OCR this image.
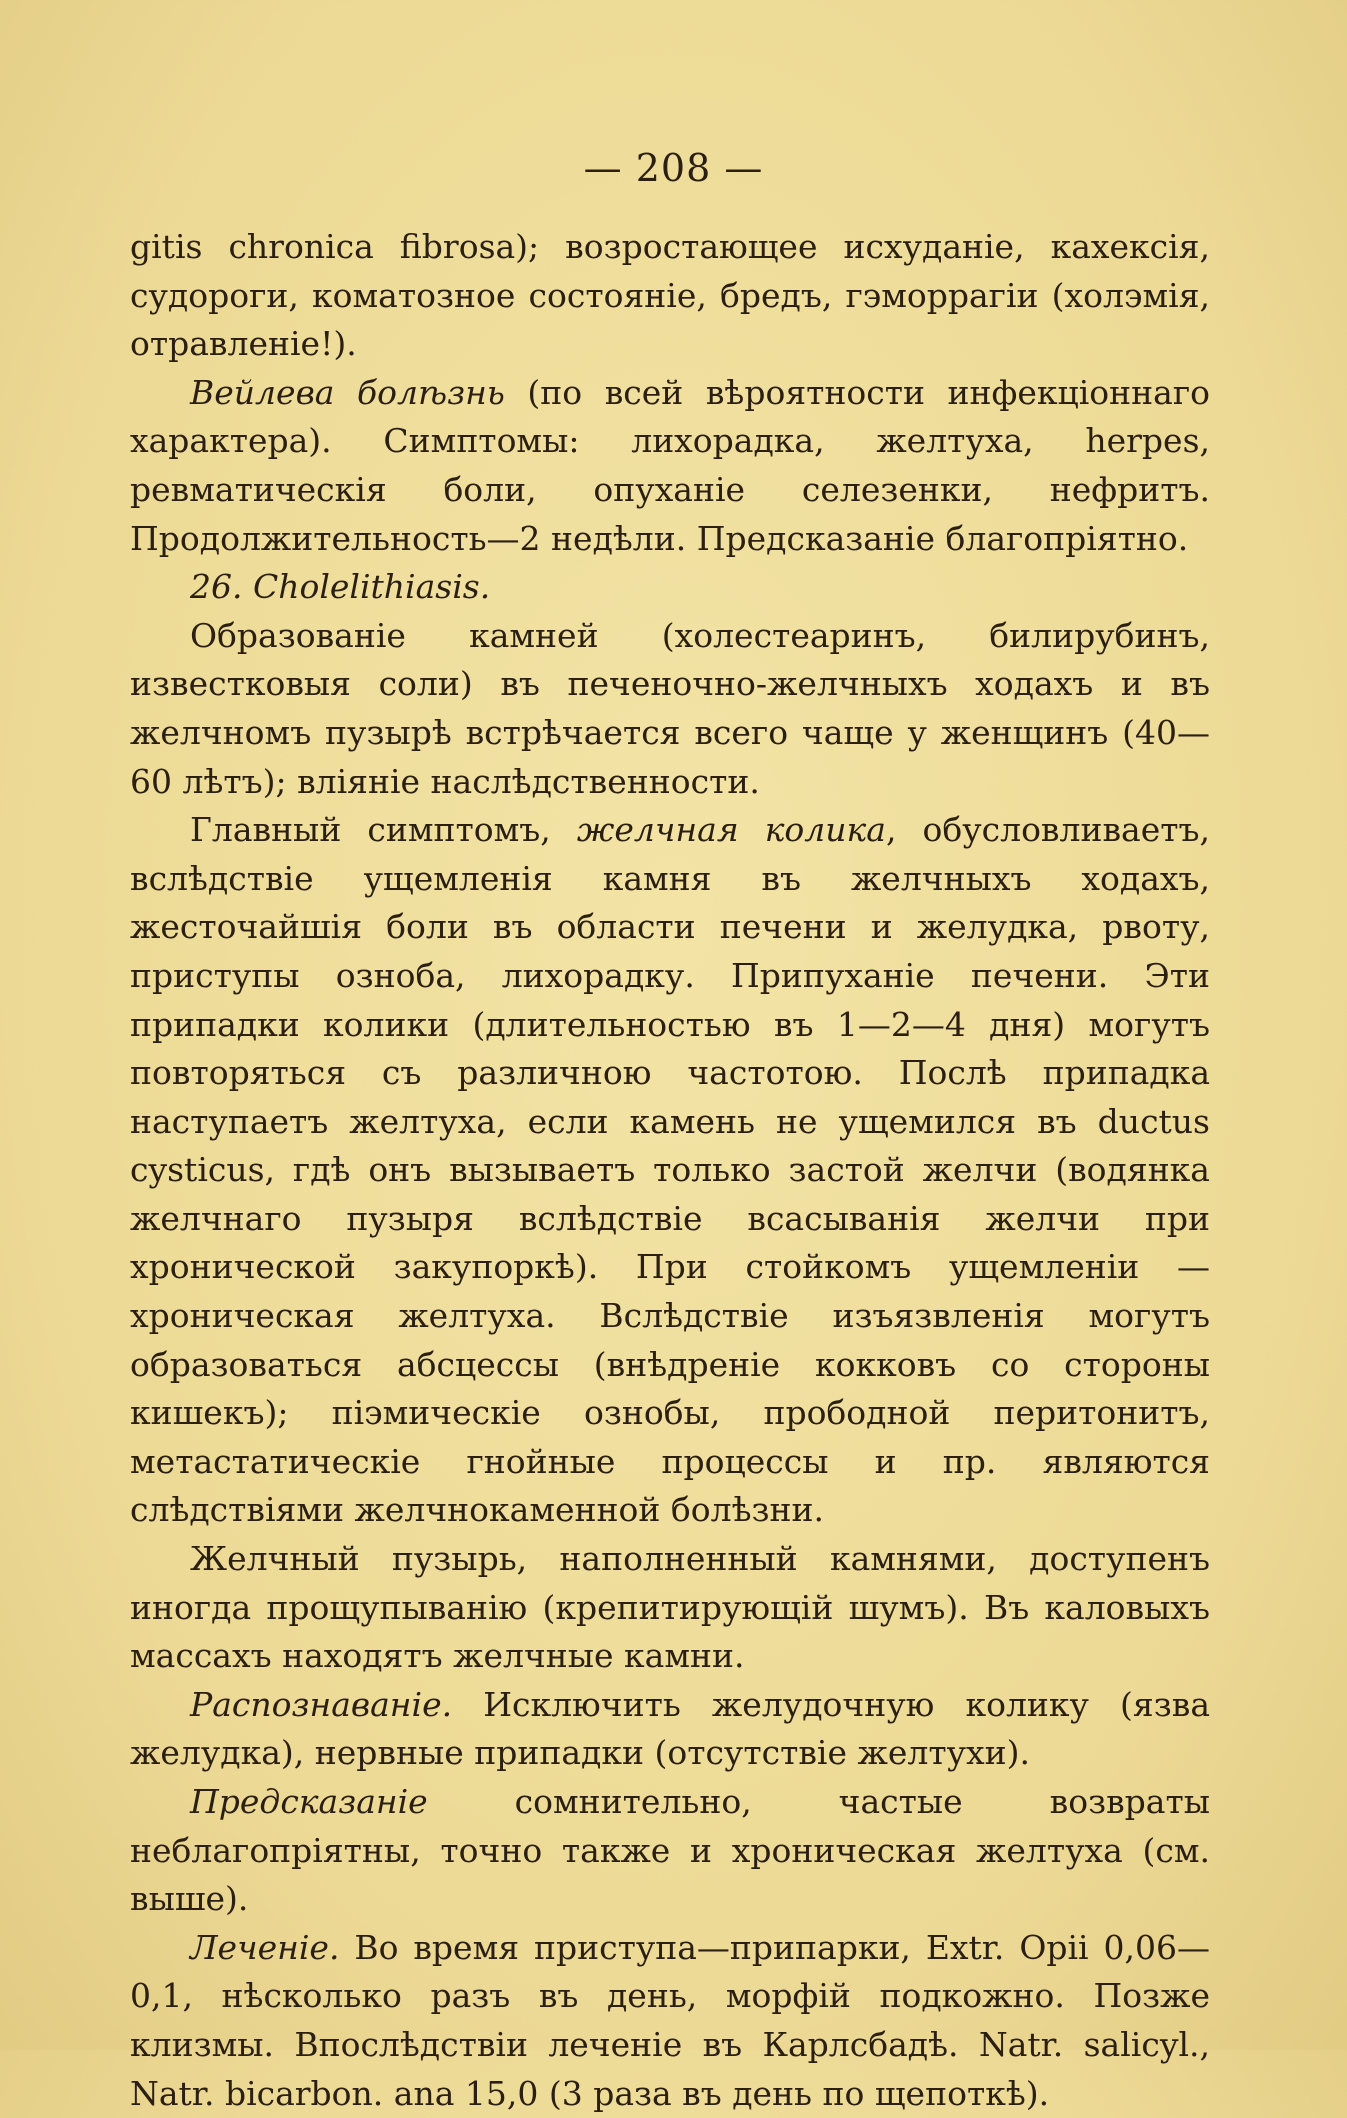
— 208 —

gitis chronica fibrosa); возростающее исхуданіе, кахексія, судороги, коматозное состояніе, бредъ, гэморрагіи (холэмія, отравленіе!).

Вейлева болѣзнь (по всей вѣроятности инфекціоннаго характера). Симптомы: лихорадка, желтуха, herpes, ревматическія боли, опуханіе селезенки, нефритъ. Продолжительность—2 недѣли. Предсказаніе благопріятно.

26. Cholelithiasis.

Образованіе камней (холестеаринъ, билирубинъ, известковыя соли) въ печеночно-желчныхъ ходахъ и въ желчномъ пузырѣ встрѣчается всего чаще у женщинъ (40—60 лѣтъ); вліяніе наслѣдственности.

Главный симптомъ, желчная колика, обусловливаетъ, вслѣдствіе ущемленія камня въ желчныхъ ходахъ, жесточайшія боли въ области печени и желудка, рвоту, приступы озноба, лихорадку. Припуханіе печени. Эти припадки колики (длительностью въ 1—2—4 дня) могутъ повторяться съ различною частотою. Послѣ припадка наступаетъ желтуха, если камень не ущемился въ ductus cysticus, гдѣ онъ вызываетъ только застой желчи (водянка желчнаго пузыря вслѣдствіе всасыванія желчи при хронической закупоркѣ). При стойкомъ ущемленіи — хроническая желтуха. Вслѣдствіе изъязвленія могутъ образоваться абсцессы (внѣдреніе кокковъ со стороны кишекъ); піэмическіе ознобы, прободной перитонитъ, метастатическіе гнойные процессы и пр. являются слѣдствіями желчнокаменной болѣзни.

Желчный пузырь, наполненный камнями, доступенъ иногда прощупыванію (крепитирующій шумъ). Въ каловыхъ массахъ находятъ желчные камни.

Распознаваніе. Исключить желудочную колику (язва желудка), нервные припадки (отсутствіе желтухи).

Предсказаніе сомнительно, частые возвраты неблагопріятны, точно также и хроническая желтуха (см. выше).

Леченіе. Во время приступа—припарки, Extr. Opii 0,06—0,1, нѣсколько разъ въ день, морфій подкожно. Позже клизмы. Впослѣдствіи леченіе въ Карлсбадѣ. Natr. salicyl., Natr. bicarbon. ana 15,0 (3 раза въ день по щепоткѣ).
